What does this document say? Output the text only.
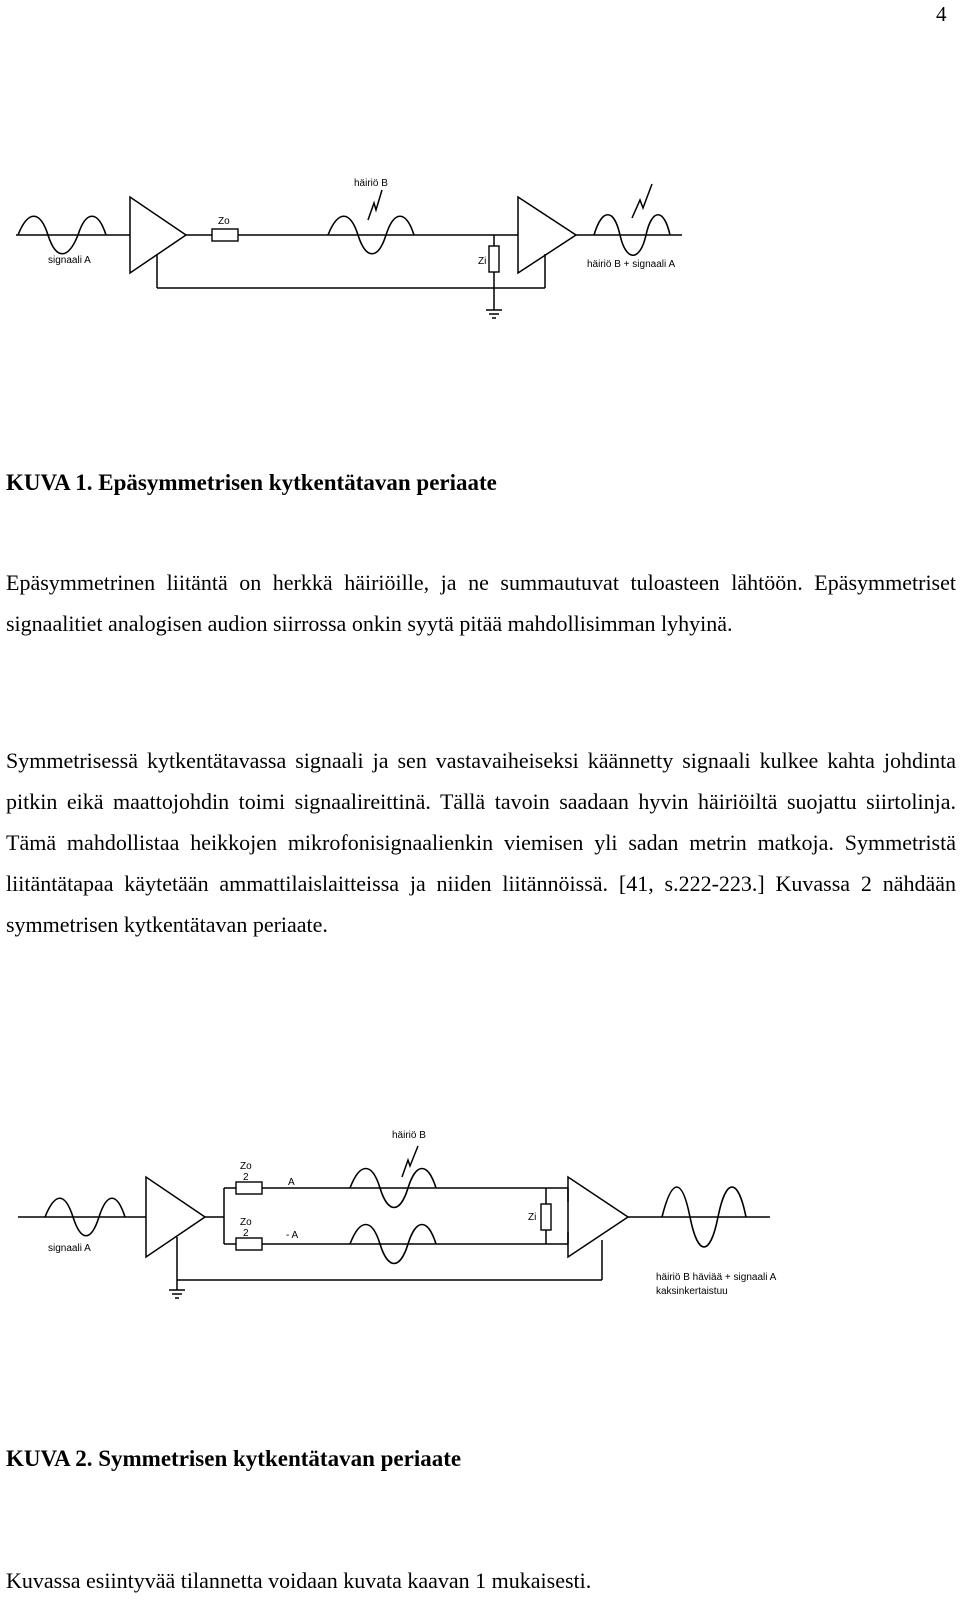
4
signaali A
Zo
häiriö B
Zi	häiriö B + signaali A
KUVA 1. Epäsymmetrisen kytkentätavan periaate

Epäsymmetrinen liitäntä on herkkä häiriöille, ja ne summautuvat tuloasteen lähtöön. Epäsymmetriset signaalitiet analogisen audion siirrossa onkin syytä pitää mahdollisimman lyhyinä.

Symmetrisessä kytkentätavassa signaali ja sen vastavaiheiseksi käännetty signaali kulkee kahta johdinta pitkin eikä maattojohdin toimi signaalireittinä. Tällä tavoin saadaan hyvin häiriöiltä suojattu siirtolinja. Tämä mahdollistaa heikkojen mikrofonisignaalienkin viemisen yli sadan metrin matkoja. Symmetristä liitäntätapaa käytetään ammattilaislaitteissa ja niiden liitännöissä. [41, s.222-223.] Kuvassa 2 nähdään symmetrisen kytkentätavan periaate.

signaali A
Zo
2
Zo
2
A
- A
häiriö B
Zi
häiriö B häviää + signaali A
kaksinkertaistuu
KUVA 2. Symmetrisen kytkentätavan periaate

Kuvassa esiintyvää tilannetta voidaan kuvata kaavan 1 mukaisesti.
